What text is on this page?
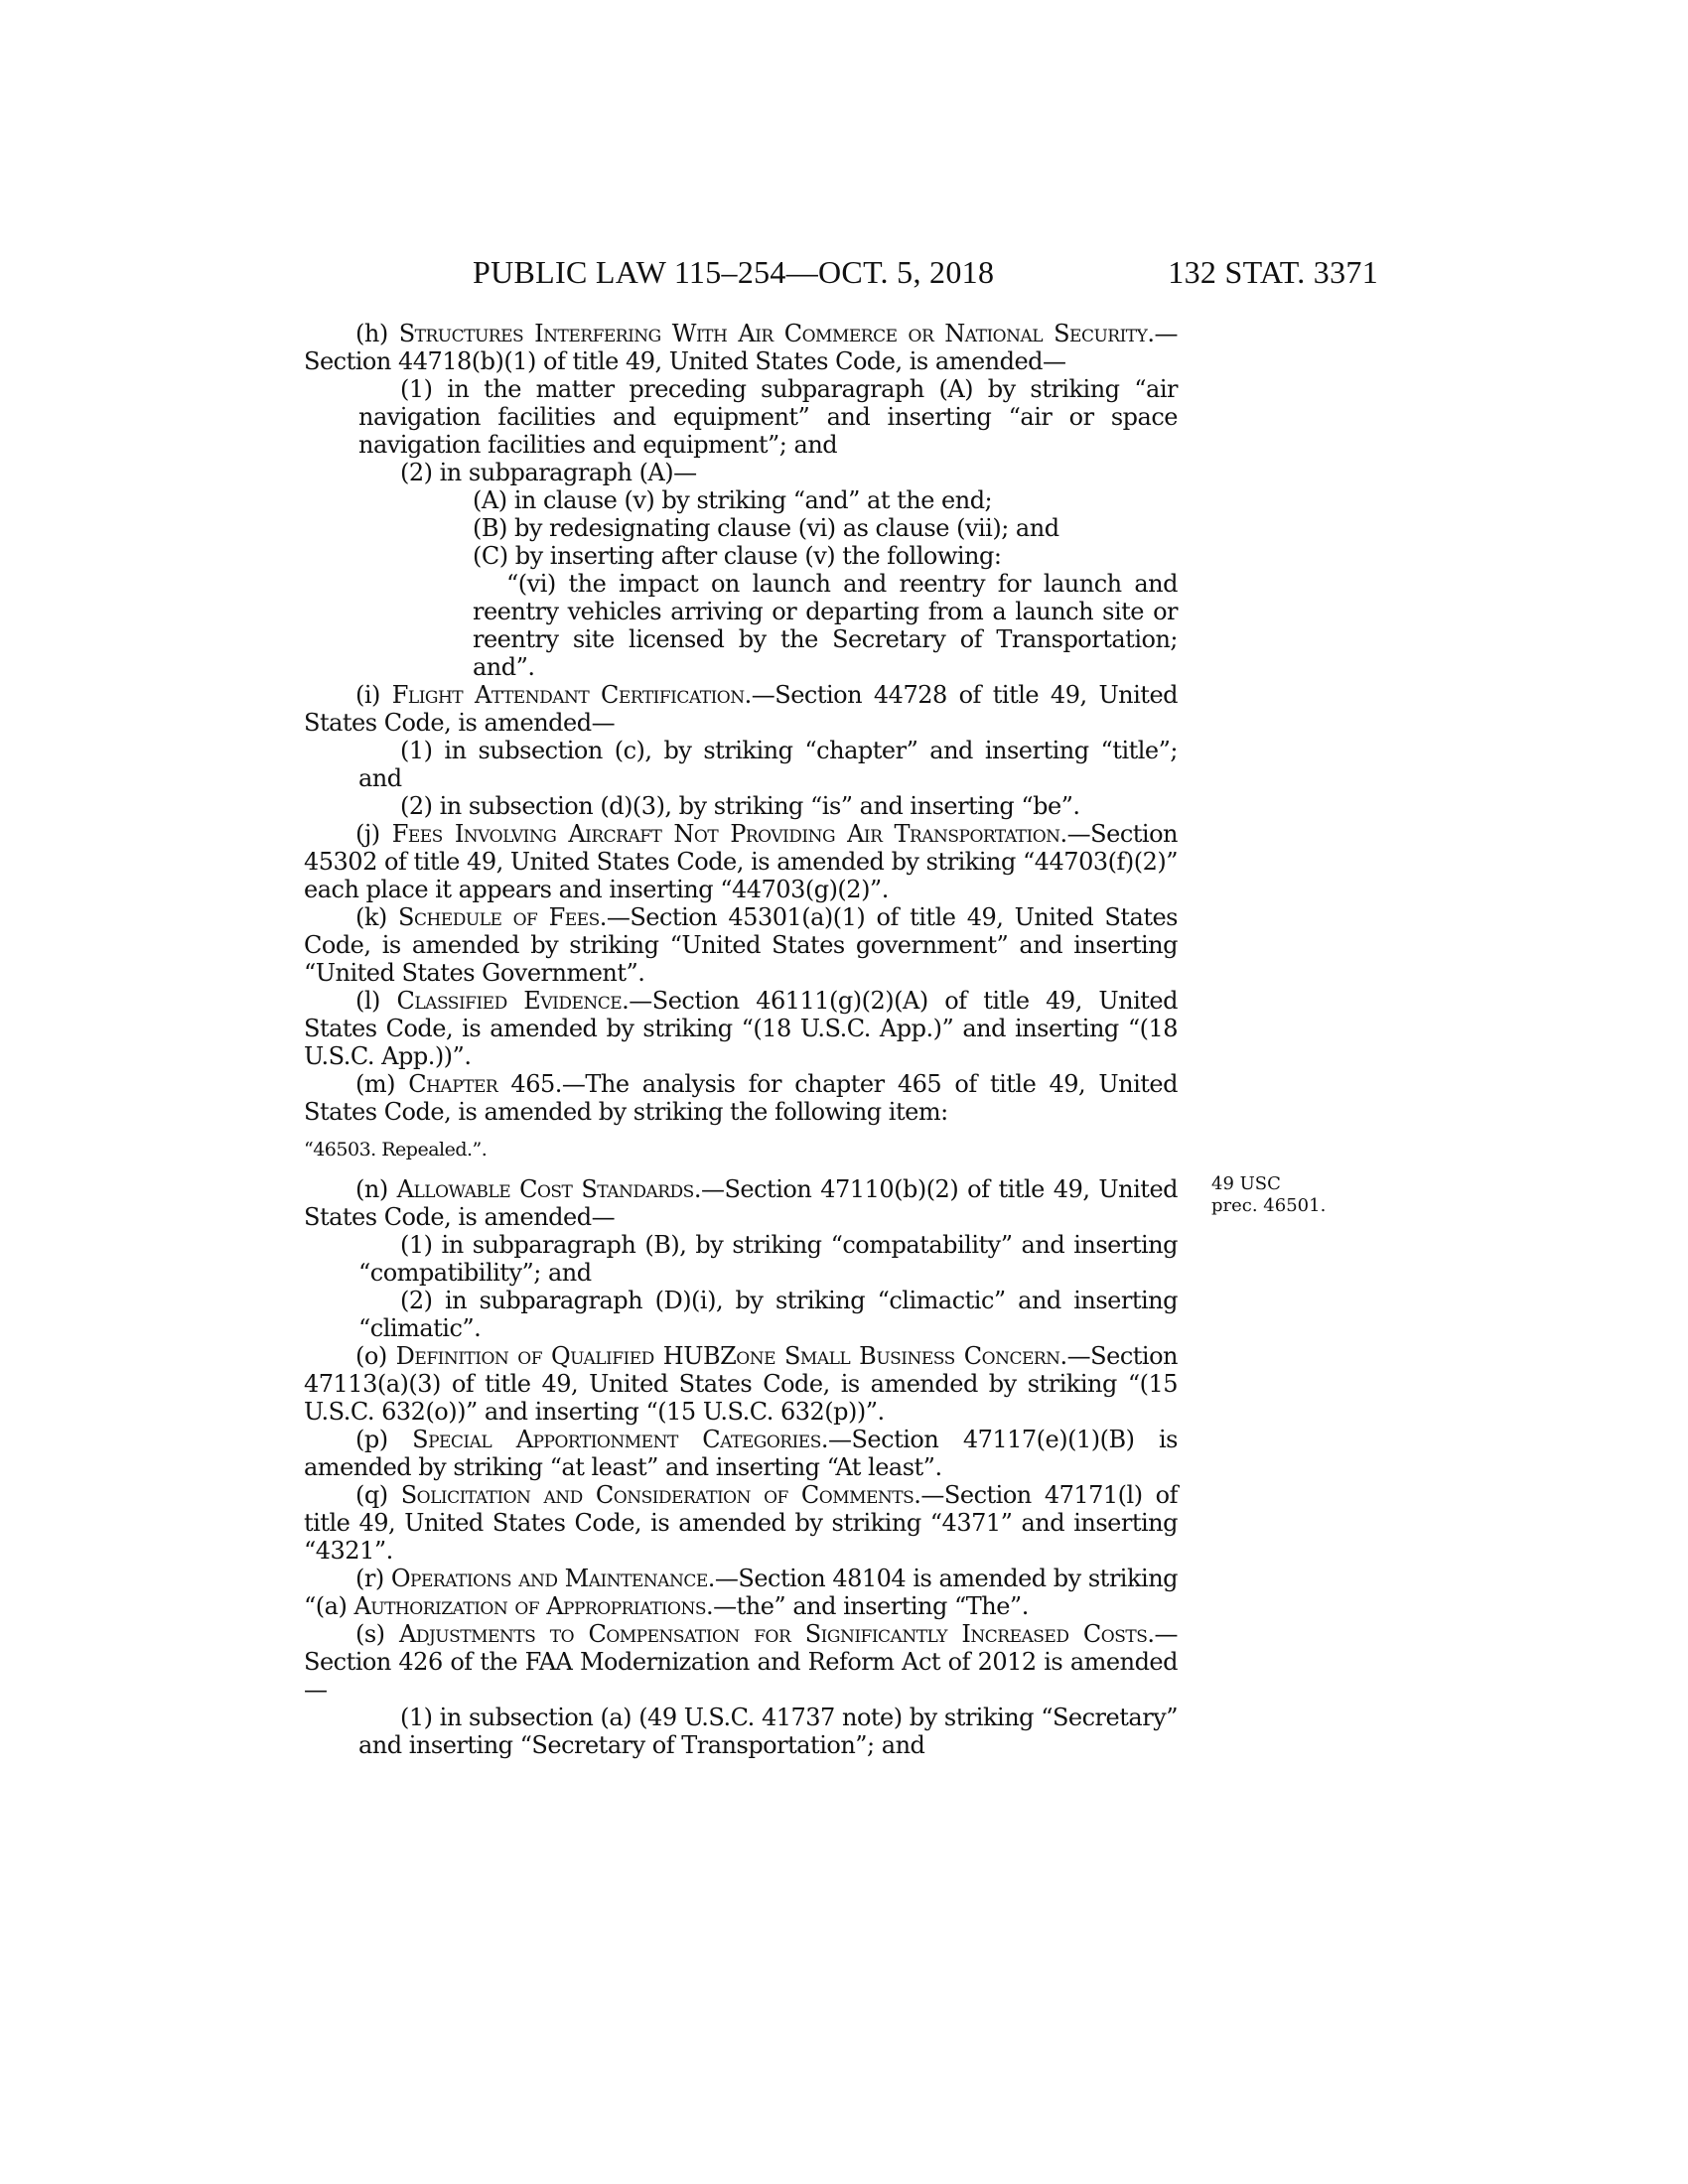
PUBLIC LAW 115–254—OCT. 5, 2018	132 STAT. 3371
49 USC
prec. 46501.

(h) Structures Interfering With Air Commerce or National Security.—Section 44718(b)(1) of title 49, United States Code, is amended—

(1) in the matter preceding subparagraph (A) by striking “air navigation facilities and equipment” and inserting “air or space navigation facilities and equipment”; and

(2) in subparagraph (A)—

(A) in clause (v) by striking “and” at the end;

(B) by redesignating clause (vi) as clause (vii); and

(C) by inserting after clause (v) the following:

“(vi) the impact on launch and reentry for launch and reentry vehicles arriving or departing from a launch site or reentry site licensed by the Secretary of Transportation; and”.

(i) Flight Attendant Certification.—Section 44728 of title 49, United States Code, is amended—

(1) in subsection (c), by striking “chapter” and inserting “title”; and

(2) in subsection (d)(3), by striking “is” and inserting “be”.

(j) Fees Involving Aircraft Not Providing Air Transportation.—Section 45302 of title 49, United States Code, is amended by striking “44703(f)(2)” each place it appears and inserting “44703(g)(2)”.

(k) Schedule of Fees.—Section 45301(a)(1) of title 49, United States Code, is amended by striking “United States government” and inserting “United States Government”.

(l) Classified Evidence.—Section 46111(g)(2)(A) of title 49, United States Code, is amended by striking “(18 U.S.C. App.)” and inserting “(18 U.S.C. App.))”.

(m) Chapter 465.—The analysis for chapter 465 of title 49, United States Code, is amended by striking the following item:

“46503. Repealed.”.

(n) Allowable Cost Standards.—Section 47110(b)(2) of title 49, United States Code, is amended—

(1) in subparagraph (B), by striking “compatability” and inserting “compatibility”; and

(2) in subparagraph (D)(i), by striking “climactic” and inserting “climatic”.

(o) Definition of Qualified HUBZone Small Business Concern.—Section 47113(a)(3) of title 49, United States Code, is amended by striking “(15 U.S.C. 632(o))” and inserting “(15 U.S.C. 632(p))”.

(p) Special Apportionment Categories.—Section 47117(e)(1)(B) is amended by striking “at least” and inserting “At least”.

(q) Solicitation and Consideration of Comments.—Section 47171(l) of title 49, United States Code, is amended by striking “4371” and inserting “4321”.

(r) Operations and Maintenance.—Section 48104 is amended by striking “(a) Authorization of Appropriations.—the” and inserting “The”.

(s) Adjustments to Compensation for Significantly Increased Costs.—Section 426 of the FAA Modernization and Reform Act of 2012 is amended—

(1) in subsection (a) (49 U.S.C. 41737 note) by striking “Secretary” and inserting “Secretary of Transportation”; and
